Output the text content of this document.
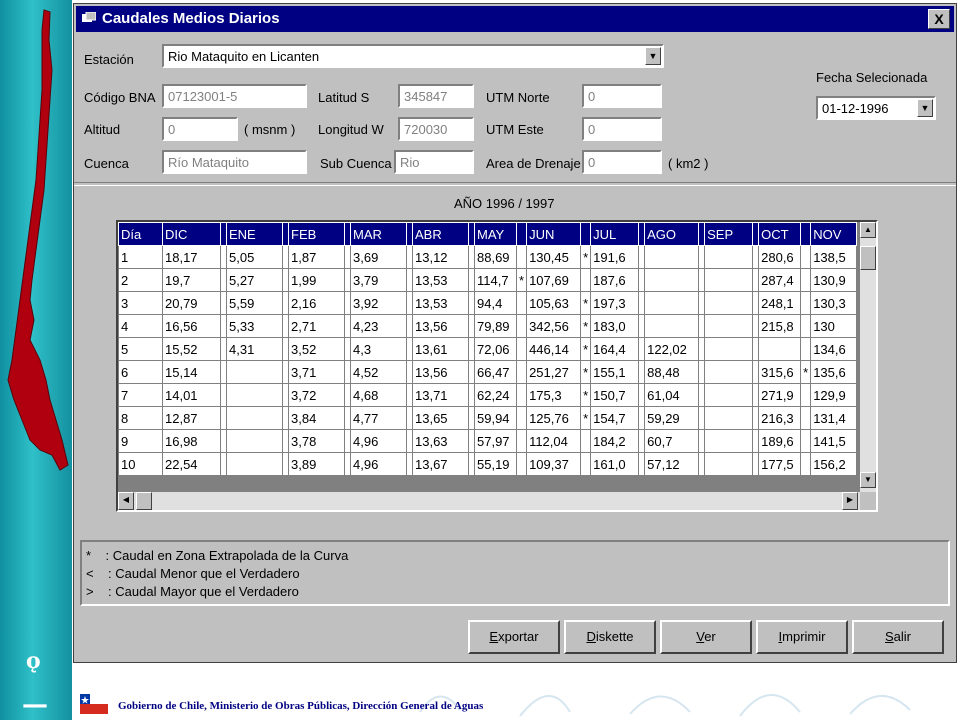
ǫ
—
Caudales Medios Diarios	X
Estación	Rio Mataquito en Licanten	▼
Fecha Selecionada
01-12-1996	▼
Código BNA 07123001-5	Latitud S	345847	UTM Norte	0
Altitud	0	( msnm ) Longitud W	720030	UTM Este	0
Cuenca	Río Mataquito	Sub Cuenca Rio	Area de Drenaje 0	( km2 )
AÑO 1996 / 1997
Día	DIC		ENE		FEB		MAR		ABR		MAY		JUN		JUL		AGO		SEP		OCT		NOV
1	18,17		5,05		1,87		3,69		13,12		88,69		130,45	*	191,6						280,6		138,5
2	19,7		5,27		1,99		3,79		13,53		114,7	*	107,69		187,6						287,4		130,9
3	20,79		5,59		2,16		3,92		13,53		94,4		105,63	*	197,3						248,1		130,3
4	16,56		5,33		2,71		4,23		13,56		79,89		342,56	*	183,0						215,8		130
5	15,52		4,31		3,52		4,3		13,61		72,06		446,14	*	164,4		122,02						134,6
6	15,14				3,71		4,52		13,56		66,47		251,27	*	155,1		88,48				315,6	*	135,6
7	14,01				3,72		4,68		13,71		62,24		175,3	*	150,7		61,04				271,9		129,9
8	12,87				3,84		4,77		13,65		59,94		125,76	*	154,7		59,29				216,3		131,4
9	16,98				3,78		4,96		13,63		57,97		112,04		184,2		60,7				189,6		141,5
10	22,54				3,89		4,96		13,67		55,19		109,37		161,0		57,12				177,5		156,2
▲
▼
◀	▶
*    : Caudal en Zona Extrapolada de la Curva
<    : Caudal Menor que el Verdadero
>    : Caudal Mayor que el Verdadero
Exportar	Diskette	Ver	Imprimir	Salir
Gobierno de Chile, Ministerio de Obras Públicas, Dirección General de Aguas
